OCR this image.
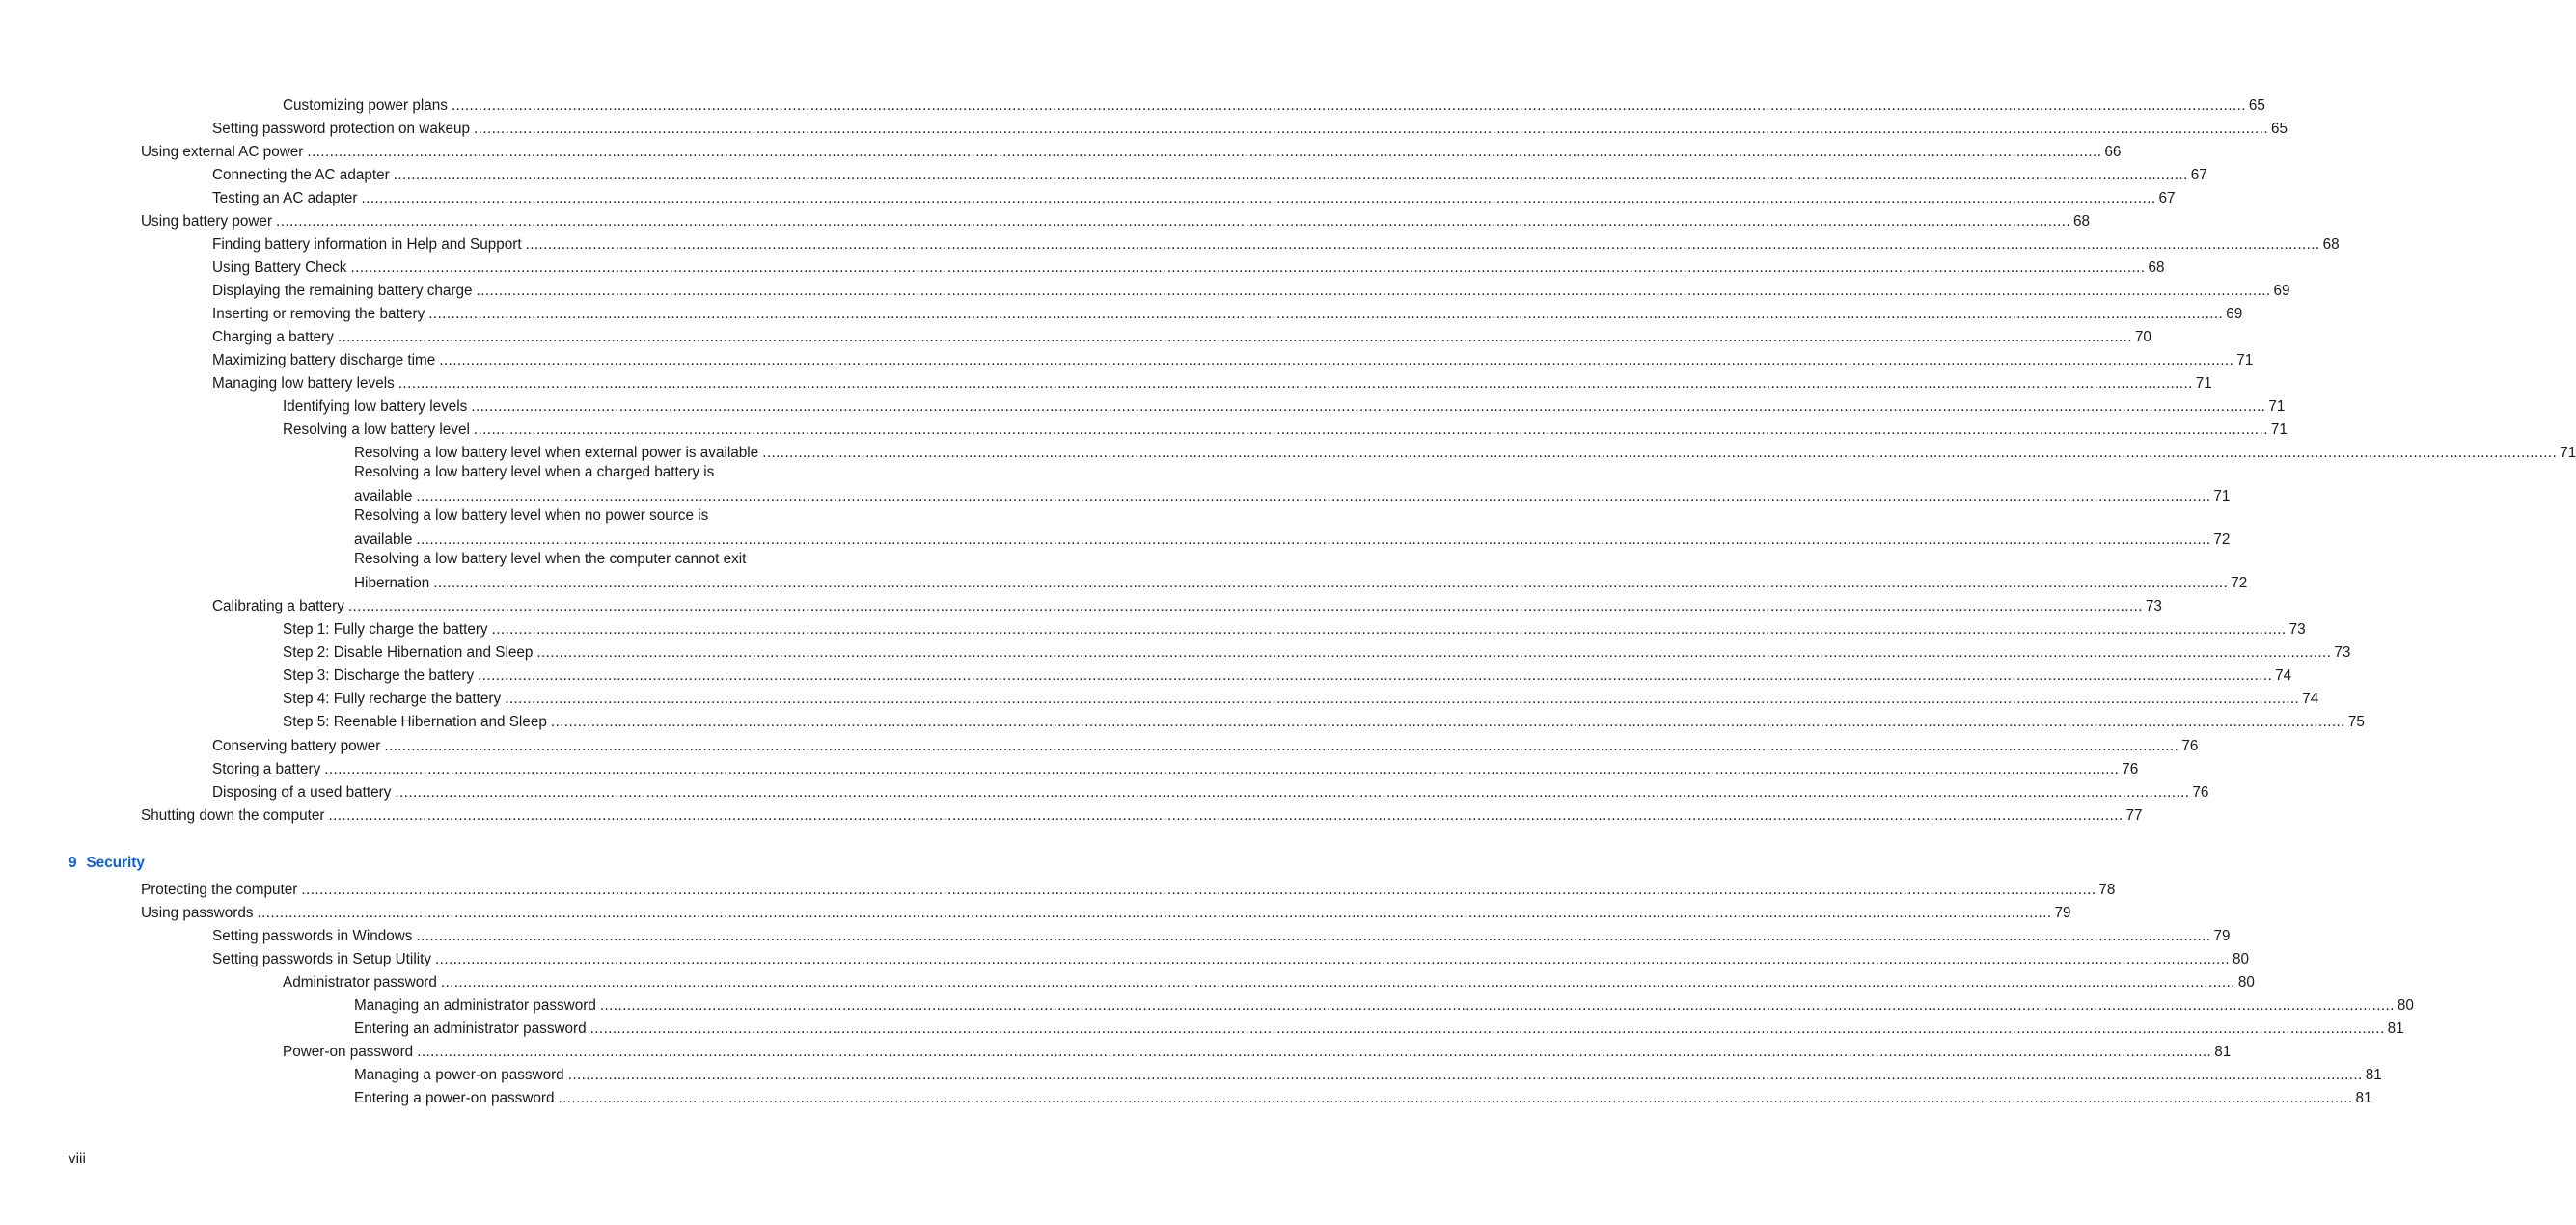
Customizing power plans ................................................................................................................................................................................................................................................................................................................................................................................................................ 65
Setting password protection on wakeup ................................................................................................................................................................................................................................................................................................................................................................................................................ 65
Using external AC power ................................................................................................................................................................................................................................................................................................................................................................................................................ 66
Connecting the AC adapter ................................................................................................................................................................................................................................................................................................................................................................................................................ 67
Testing an AC adapter ................................................................................................................................................................................................................................................................................................................................................................................................................ 67
Using battery power ................................................................................................................................................................................................................................................................................................................................................................................................................ 68
Finding battery information in Help and Support ................................................................................................................................................................................................................................................................................................................................................................................................................ 68
Using Battery Check ................................................................................................................................................................................................................................................................................................................................................................................................................ 68
Displaying the remaining battery charge ................................................................................................................................................................................................................................................................................................................................................................................................................ 69
Inserting or removing the battery ................................................................................................................................................................................................................................................................................................................................................................................................................ 69
Charging a battery ................................................................................................................................................................................................................................................................................................................................................................................................................ 70
Maximizing battery discharge time ................................................................................................................................................................................................................................................................................................................................................................................................................ 71
Managing low battery levels ................................................................................................................................................................................................................................................................................................................................................................................................................ 71
Identifying low battery levels ................................................................................................................................................................................................................................................................................................................................................................................................................ 71
Resolving a low battery level ................................................................................................................................................................................................................................................................................................................................................................................................................ 71
Resolving a low battery level when external power is available ................................................................................................................................................................................................................................................................................................................................................................................................................ 71
Resolving a low battery level when a charged battery is
available ................................................................................................................................................................................................................................................................................................................................................................................................................ 71
Resolving a low battery level when no power source is
available ................................................................................................................................................................................................................................................................................................................................................................................................................ 72
Resolving a low battery level when the computer cannot exit
Hibernation ................................................................................................................................................................................................................................................................................................................................................................................................................ 72
Calibrating a battery ................................................................................................................................................................................................................................................................................................................................................................................................................ 73
Step 1: Fully charge the battery ................................................................................................................................................................................................................................................................................................................................................................................................................ 73
Step 2: Disable Hibernation and Sleep ................................................................................................................................................................................................................................................................................................................................................................................................................ 73
Step 3: Discharge the battery ................................................................................................................................................................................................................................................................................................................................................................................................................ 74
Step 4: Fully recharge the battery ................................................................................................................................................................................................................................................................................................................................................................................................................ 74
Step 5: Reenable Hibernation and Sleep ................................................................................................................................................................................................................................................................................................................................................................................................................ 75
Conserving battery power ................................................................................................................................................................................................................................................................................................................................................................................................................ 76
Storing a battery ................................................................................................................................................................................................................................................................................................................................................................................................................ 76
Disposing of a used battery ................................................................................................................................................................................................................................................................................................................................................................................................................ 76
Shutting down the computer ................................................................................................................................................................................................................................................................................................................................................................................................................ 77
Protecting the computer ................................................................................................................................................................................................................................................................................................................................................................................................................ 78
Using passwords ................................................................................................................................................................................................................................................................................................................................................................................................................ 79
Setting passwords in Windows ................................................................................................................................................................................................................................................................................................................................................................................................................ 79
Setting passwords in Setup Utility ................................................................................................................................................................................................................................................................................................................................................................................................................ 80
Administrator password ................................................................................................................................................................................................................................................................................................................................................................................................................ 80
Managing an administrator password ................................................................................................................................................................................................................................................................................................................................................................................................................ 80
Entering an administrator password ................................................................................................................................................................................................................................................................................................................................................................................................................ 81
Power-on password ................................................................................................................................................................................................................................................................................................................................................................................................................ 81
Managing a power-on password ................................................................................................................................................................................................................................................................................................................................................................................................................ 81
Entering a power-on password ................................................................................................................................................................................................................................................................................................................................................................................................................ 81
9 Security
viii
